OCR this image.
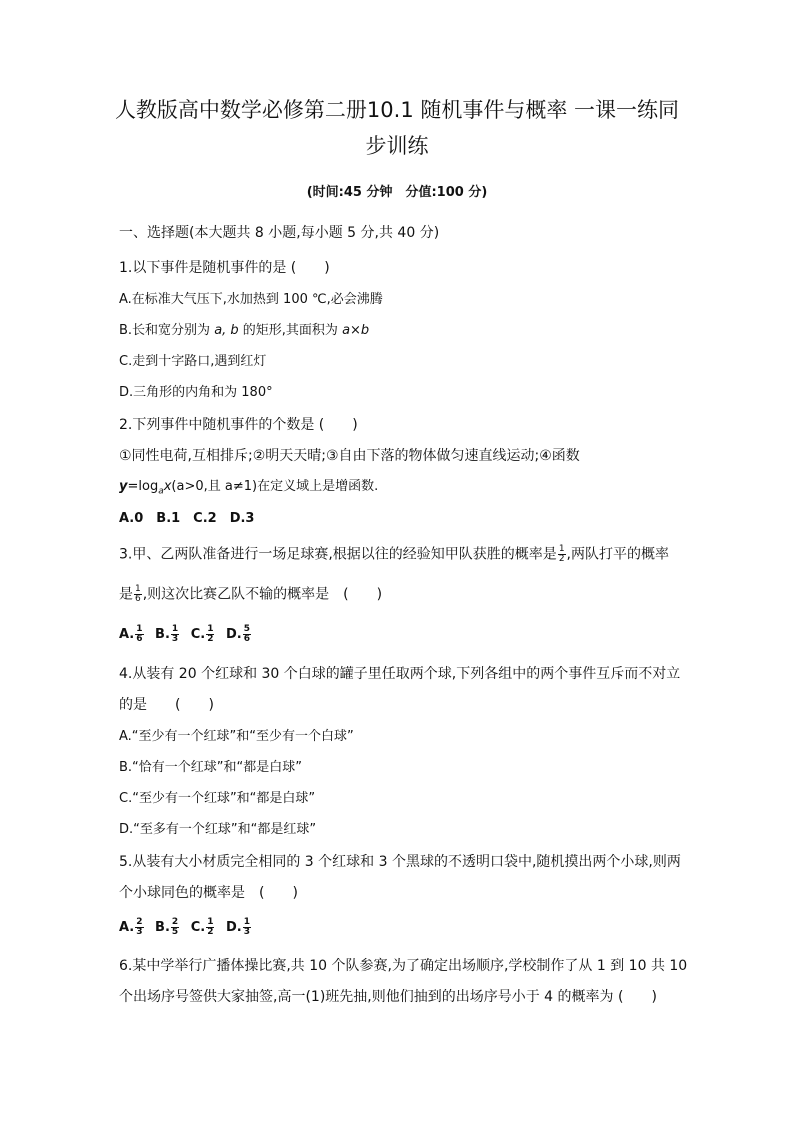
人教版高中数学必修第二册10.1 随机事件与概率 一课一练同步训练
(时间:45 分钟　分值:100 分)
一、选择题(本大题共 8 小题,每小题 5 分,共 40 分)
1.以下事件是随机事件的是 (　　)
A.在标准大气压下,水加热到 100 ℃,必会沸腾
B.长和宽分别为 a, b 的矩形,其面积为 a×b
C.走到十字路口,遇到红灯
D.三角形的内角和为 180°
2.下列事件中随机事件的个数是 (　　)
①同性电荷,互相排斥;②明天天晴;③自由下落的物体做匀速直线运动;④函数
$y=\log_ax(a>0$,且 a≠1)在定义域上是增函数.
A.0　B.1　C.2　D.3
3.甲、乙两队准备进行一场足球赛,根据以往的经验知甲队获胜的概率是 $\frac{1}{2}$ ,两队打平的概率
是 $\frac{1}{6}$ ,则这次比赛乙队不输的概率是　(　　)
A. $\frac{1}{6} B$. $\frac{1}{3} C$. $\frac{1}{2} D$. $\frac{5}{6}$
4.从装有 20 个红球和 30 个白球的罐子里任取两个球,下列各组中的两个事件互斥而不对立
的是　　(　　)
A.“至少有一个红球”和“至少有一个白球”
B.“恰有一个红球”和“都是白球”
C.“至少有一个红球”和“都是白球”
D.“至多有一个红球”和“都是红球”
5.从装有大小材质完全相同的 3 个红球和 3 个黑球的不透明口袋中,随机摸出两个小球,则两
个小球同色的概率是　(　　)
A. $\frac{2}{3} B$. $\frac{2}{5} C$. $\frac{1}{2} D$. $\frac{1}{3}$
6.某中学举行广播体操比赛,共 10 个队参赛,为了确定出场顺序,学校制作了从 1 到 10 共 10
个出场序号签供大家抽签,高一(1)班先抽,则他们抽到的出场序号小于 4 的概率为 (　　)
